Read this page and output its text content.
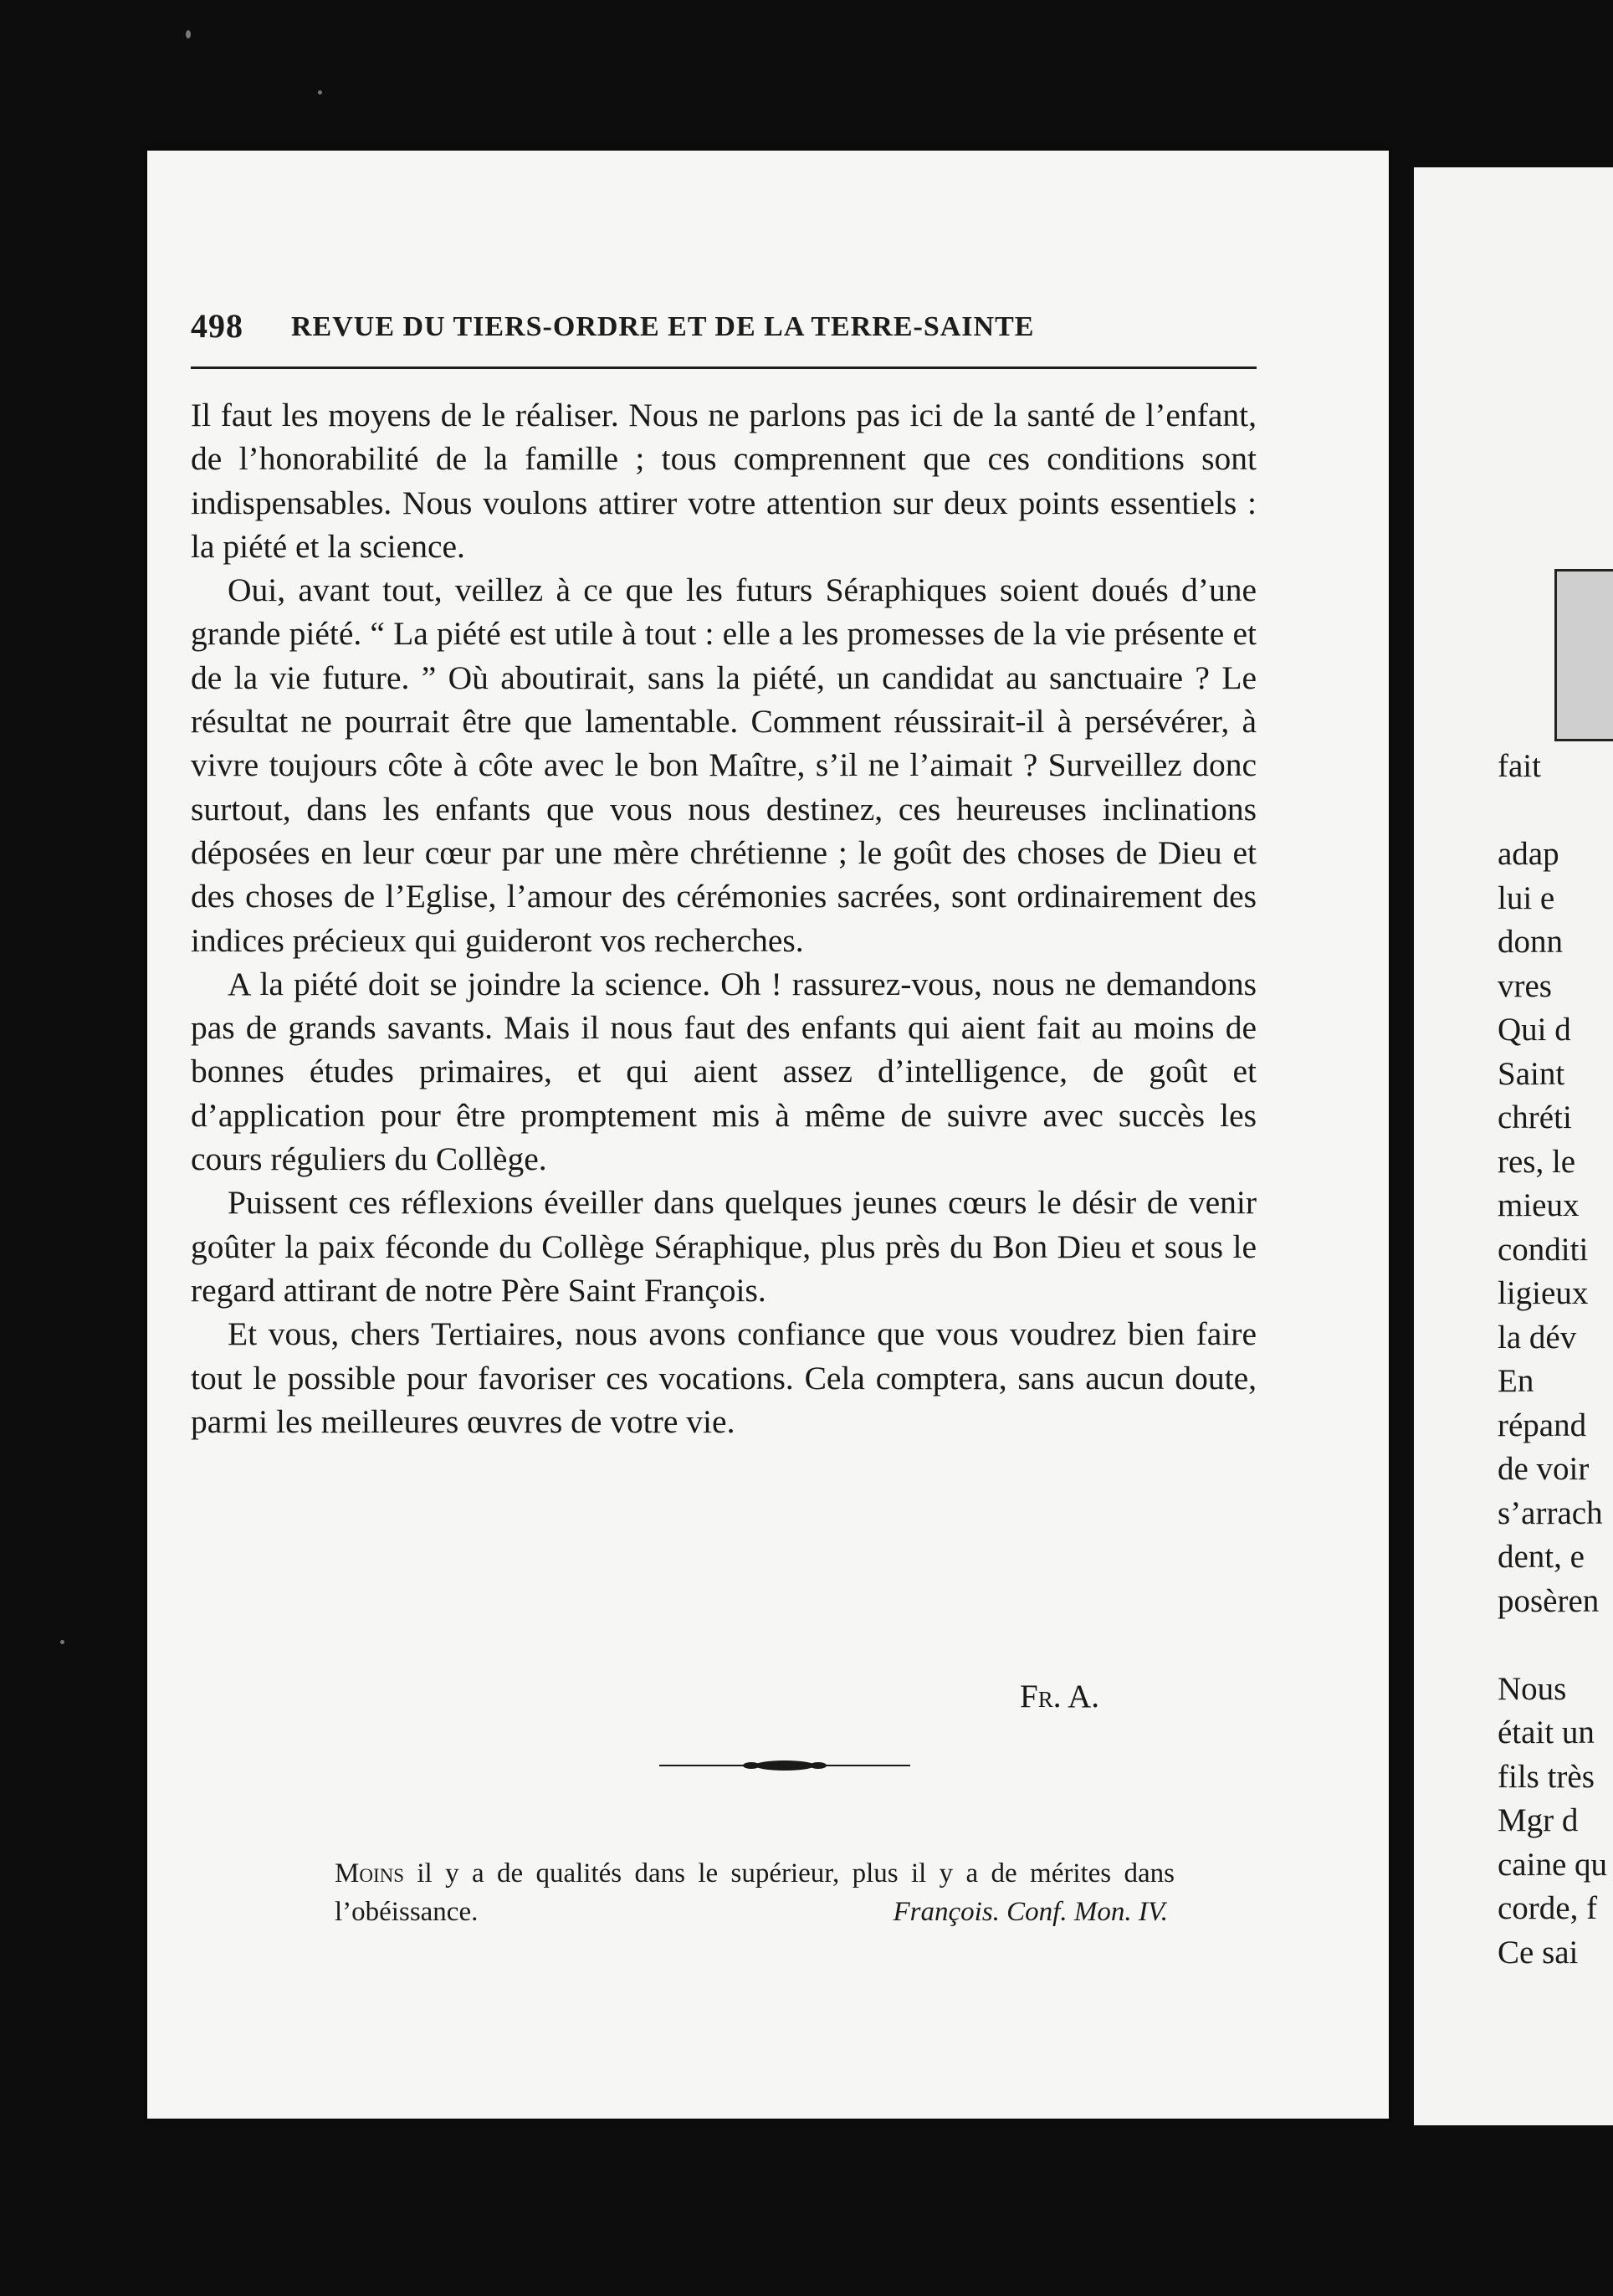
498 REVUE DU TIERS-ORDRE ET DE LA TERRE-SAINTE

Il faut les moyens de le réaliser. Nous ne parlons pas ici de la santé de l’enfant, de l’honorabilité de la famille ; tous comprennent que ces conditions sont indispensables. Nous voulons attirer votre attention sur deux points essentiels : la piété et la science.

Oui, avant tout, veillez à ce que les futurs Séraphiques soient doués d’une grande piété. “ La piété est utile à tout : elle a les promesses de la vie présente et de la vie future. ” Où aboutirait, sans la piété, un candidat au sanctuaire ? Le résultat ne pourrait être que lamentable. Comment réussirait-il à persévérer, à vivre toujours côte à côte avec le bon Maître, s’il ne l’aimait ? Surveillez donc surtout, dans les enfants que vous nous destinez, ces heureuses inclinations déposées en leur cœur par une mère chrétienne ; le goût des choses de Dieu et des choses de l’Eglise, l’amour des cérémonies sacrées, sont ordinairement des indices précieux qui guideront vos recherches.

A la piété doit se joindre la science. Oh ! rassurez-vous, nous ne demandons pas de grands savants. Mais il nous faut des enfants qui aient fait au moins de bonnes études primaires, et qui aient assez d’intelligence, de goût et d’application pour être promptement mis à même de suivre avec succès les cours réguliers du Collège.

Puissent ces réflexions éveiller dans quelques jeunes cœurs le désir de venir goûter la paix féconde du Collège Séraphique, plus près du Bon Dieu et sous le regard attirant de notre Père Saint François.

Et vous, chers Tertiaires, nous avons confiance que vous voudrez bien faire tout le possible pour favoriser ces vocations. Cela comptera, sans aucun doute, parmi les meilleures œuvres de votre vie.

Fr. A.
Moins il y a de qualités dans le supérieur, plus il y a de mérites dans
l’obéissance.	François. Conf. Mon. IV.
fait
adap
lui e
donn
vres
Qui d
Saint
chréti
res, le
mieux
conditi
ligieux
la dév
En
répand
de voir
s’arrach
dent, e
posèren
Nous
était un
fils très
Mgr d
caine qu
corde, f
Ce sai
